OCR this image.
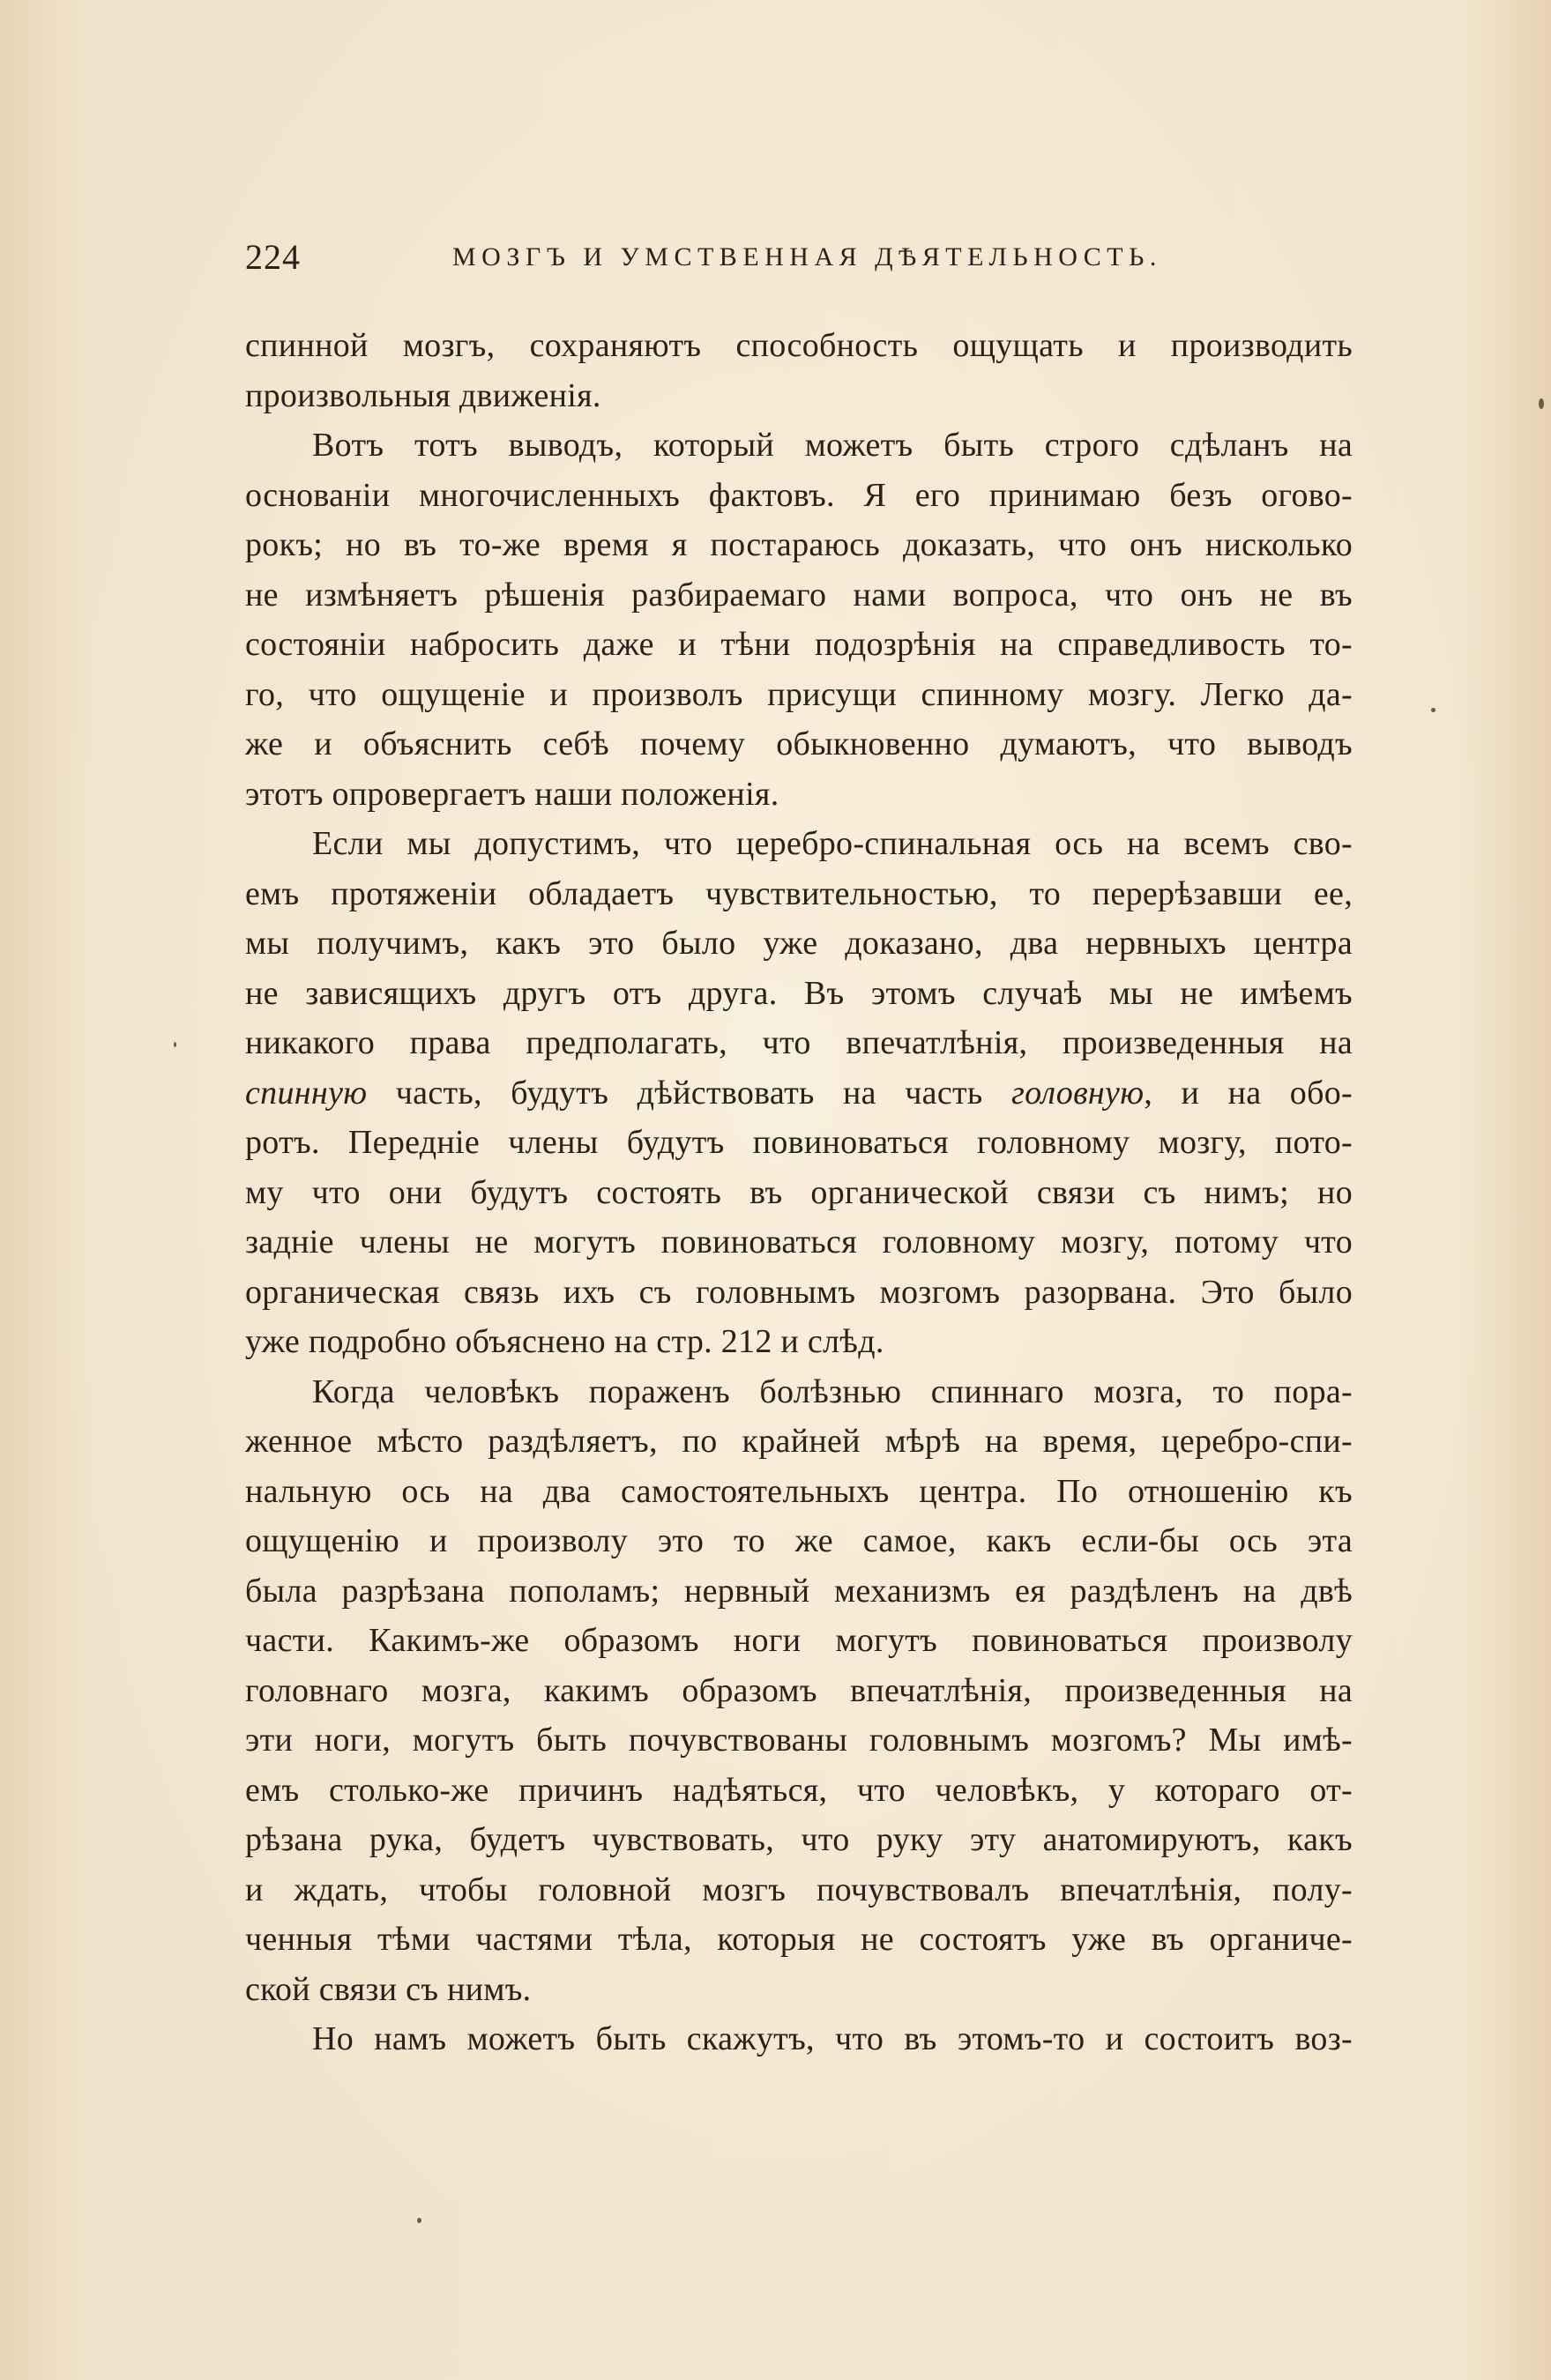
224	МОЗГЪ И УМСТВЕННАЯ ДѢЯТЕЛЬНОСТЬ.
спинной мозгъ, сохраняютъ способность ощущать и производить
произвольныя движенія.
Вотъ тотъ выводъ, который можетъ быть строго сдѣланъ на
основаніи многочисленныхъ фактовъ. Я его принимаю безъ огово-
рокъ; но въ то-же время я постараюсь доказать, что онъ нисколько
не измѣняетъ рѣшенія разбираемаго нами вопроса, что онъ не въ
состояніи набросить даже и тѣни подозрѣнія на справедливость то-
го, что ощущеніе и произволъ присущи спинному мозгу. Легко да-
же и объяснить себѣ почему обыкновенно думаютъ, что выводъ
этотъ опровергаетъ наши положенія.
Если мы допустимъ, что церебро-спинальная ось на всемъ сво-
емъ протяженіи обладаетъ чувствительностью, то перерѣзавши ее,
мы получимъ, какъ это было уже доказано, два нервныхъ центра
не зависящихъ другъ отъ друга. Въ этомъ случаѣ мы не имѣемъ
никакого права предполагать, что впечатлѣнія, произведенныя на
спинную часть, будутъ дѣйствовать на часть головную, и на обо-
ротъ. Передніе члены будутъ повиноваться головному мозгу, пото-
му что они будутъ состоять въ органической связи съ нимъ; но
задніе члены не могутъ повиноваться головному мозгу, потому что
органическая связь ихъ съ головнымъ мозгомъ разорвана. Это было
уже подробно объяснено на стр. 212 и слѣд.
Когда человѣкъ пораженъ болѣзнью спиннаго мозга, то пора-
женное мѣсто раздѣляетъ, по крайней мѣрѣ на время, церебро-спи-
нальную ось на два самостоятельныхъ центра. По отношенію къ
ощущенію и произволу это то же самое, какъ если-бы ось эта
была разрѣзана пополамъ; нервный механизмъ ея раздѣленъ на двѣ
части. Какимъ-же образомъ ноги могутъ повиноваться произволу
головнаго мозга, какимъ образомъ впечатлѣнія, произведенныя на
эти ноги, могутъ быть почувствованы головнымъ мозгомъ? Мы имѣ-
емъ столько-же причинъ надѣяться, что человѣкъ, у котораго от-
рѣзана рука, будетъ чувствовать, что руку эту анатомируютъ, какъ
и ждать, чтобы головной мозгъ почувствовалъ впечатлѣнія, полу-
ченныя тѣми частями тѣла, которыя не состоятъ уже въ органиче-
ской связи съ нимъ.
Но намъ можетъ быть скажутъ, что въ этомъ-то и состоитъ воз-
